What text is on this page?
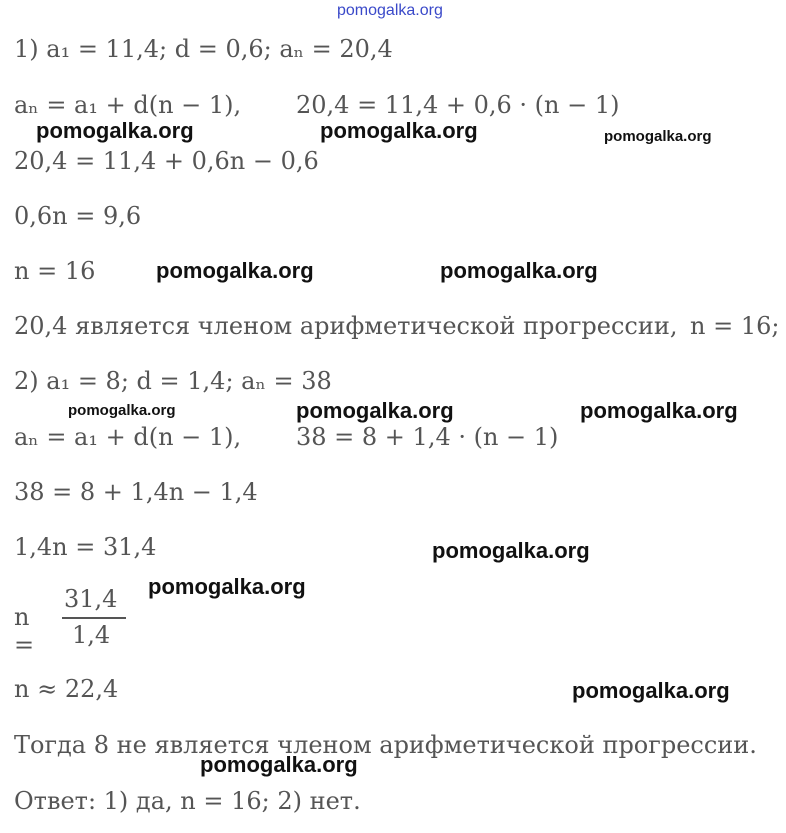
pomogalka.org
1) a₁ = 11,4; d = 0,6; aₙ = 20,4
aₙ = a₁ + d(n − 1), 20,4 = 11,4 + 0,6 · (n − 1)
pomogalka.org	pomogalka.org	pomogalka.org
20,4 = 11,4 + 0,6n − 0,6
0,6n = 9,6
n = 16	pomogalka.org	pomogalka.org
20,4 является членом арифметической прогрессии, n = 16;
2) a₁ = 8; d = 1,4; aₙ = 38
pomogalka.org	pomogalka.org	pomogalka.org
aₙ = a₁ + d(n − 1), 38 = 8 + 1,4 · (n − 1)
38 = 8 + 1,4n − 1,4
1,4n = 31,4	pomogalka.org
pomogalka.org
n =
31,4
1,4
n ≈ 22,4	pomogalka.org
Тогда 8 не является членом арифметической прогрессии.
pomogalka.org
Ответ: 1) да, n = 16; 2) нет.
